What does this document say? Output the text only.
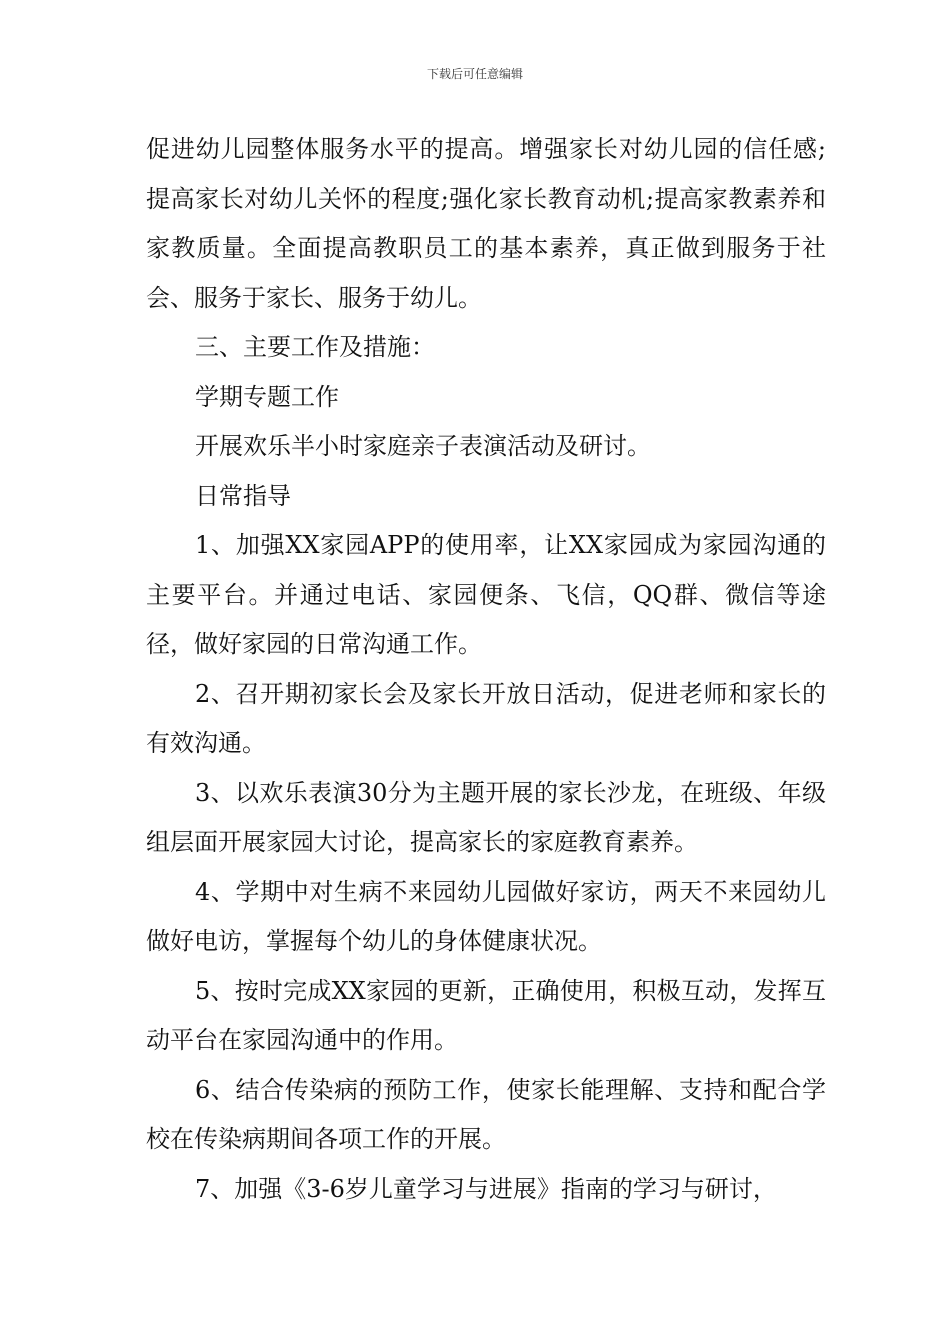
下载后可任意编辑

促进幼儿园整体服务水平的提高。增强家长对幼儿园的信任感;提高家长对幼儿关怀的程度;强化家长教育动机;提高家教素养和家教质量。全面提高教职员工的基本素养，真正做到服务于社会、服务于家长、服务于幼儿。

三、主要工作及措施：

学期专题工作

开展欢乐半小时家庭亲子表演活动及研讨。

日常指导

1、加强XX家园APP的使用率，让XX家园成为家园沟通的主要平台。并通过电话、家园便条、飞信，QQ群、微信等途径，做好家园的日常沟通工作。

2、召开期初家长会及家长开放日活动，促进老师和家长的有效沟通。

3、以欢乐表演30分为主题开展的家长沙龙，在班级、年级组层面开展家园大讨论，提高家长的家庭教育素养。

4、学期中对生病不来园幼儿园做好家访，两天不来园幼儿做好电访，掌握每个幼儿的身体健康状况。

5、按时完成XX家园的更新，正确使用，积极互动，发挥互动平台在家园沟通中的作用。

6、结合传染病的预防工作，使家长能理解、支持和配合学校在传染病期间各项工作的开展。

7、加强《3-6岁儿童学习与进展》指南的学习与研讨，
